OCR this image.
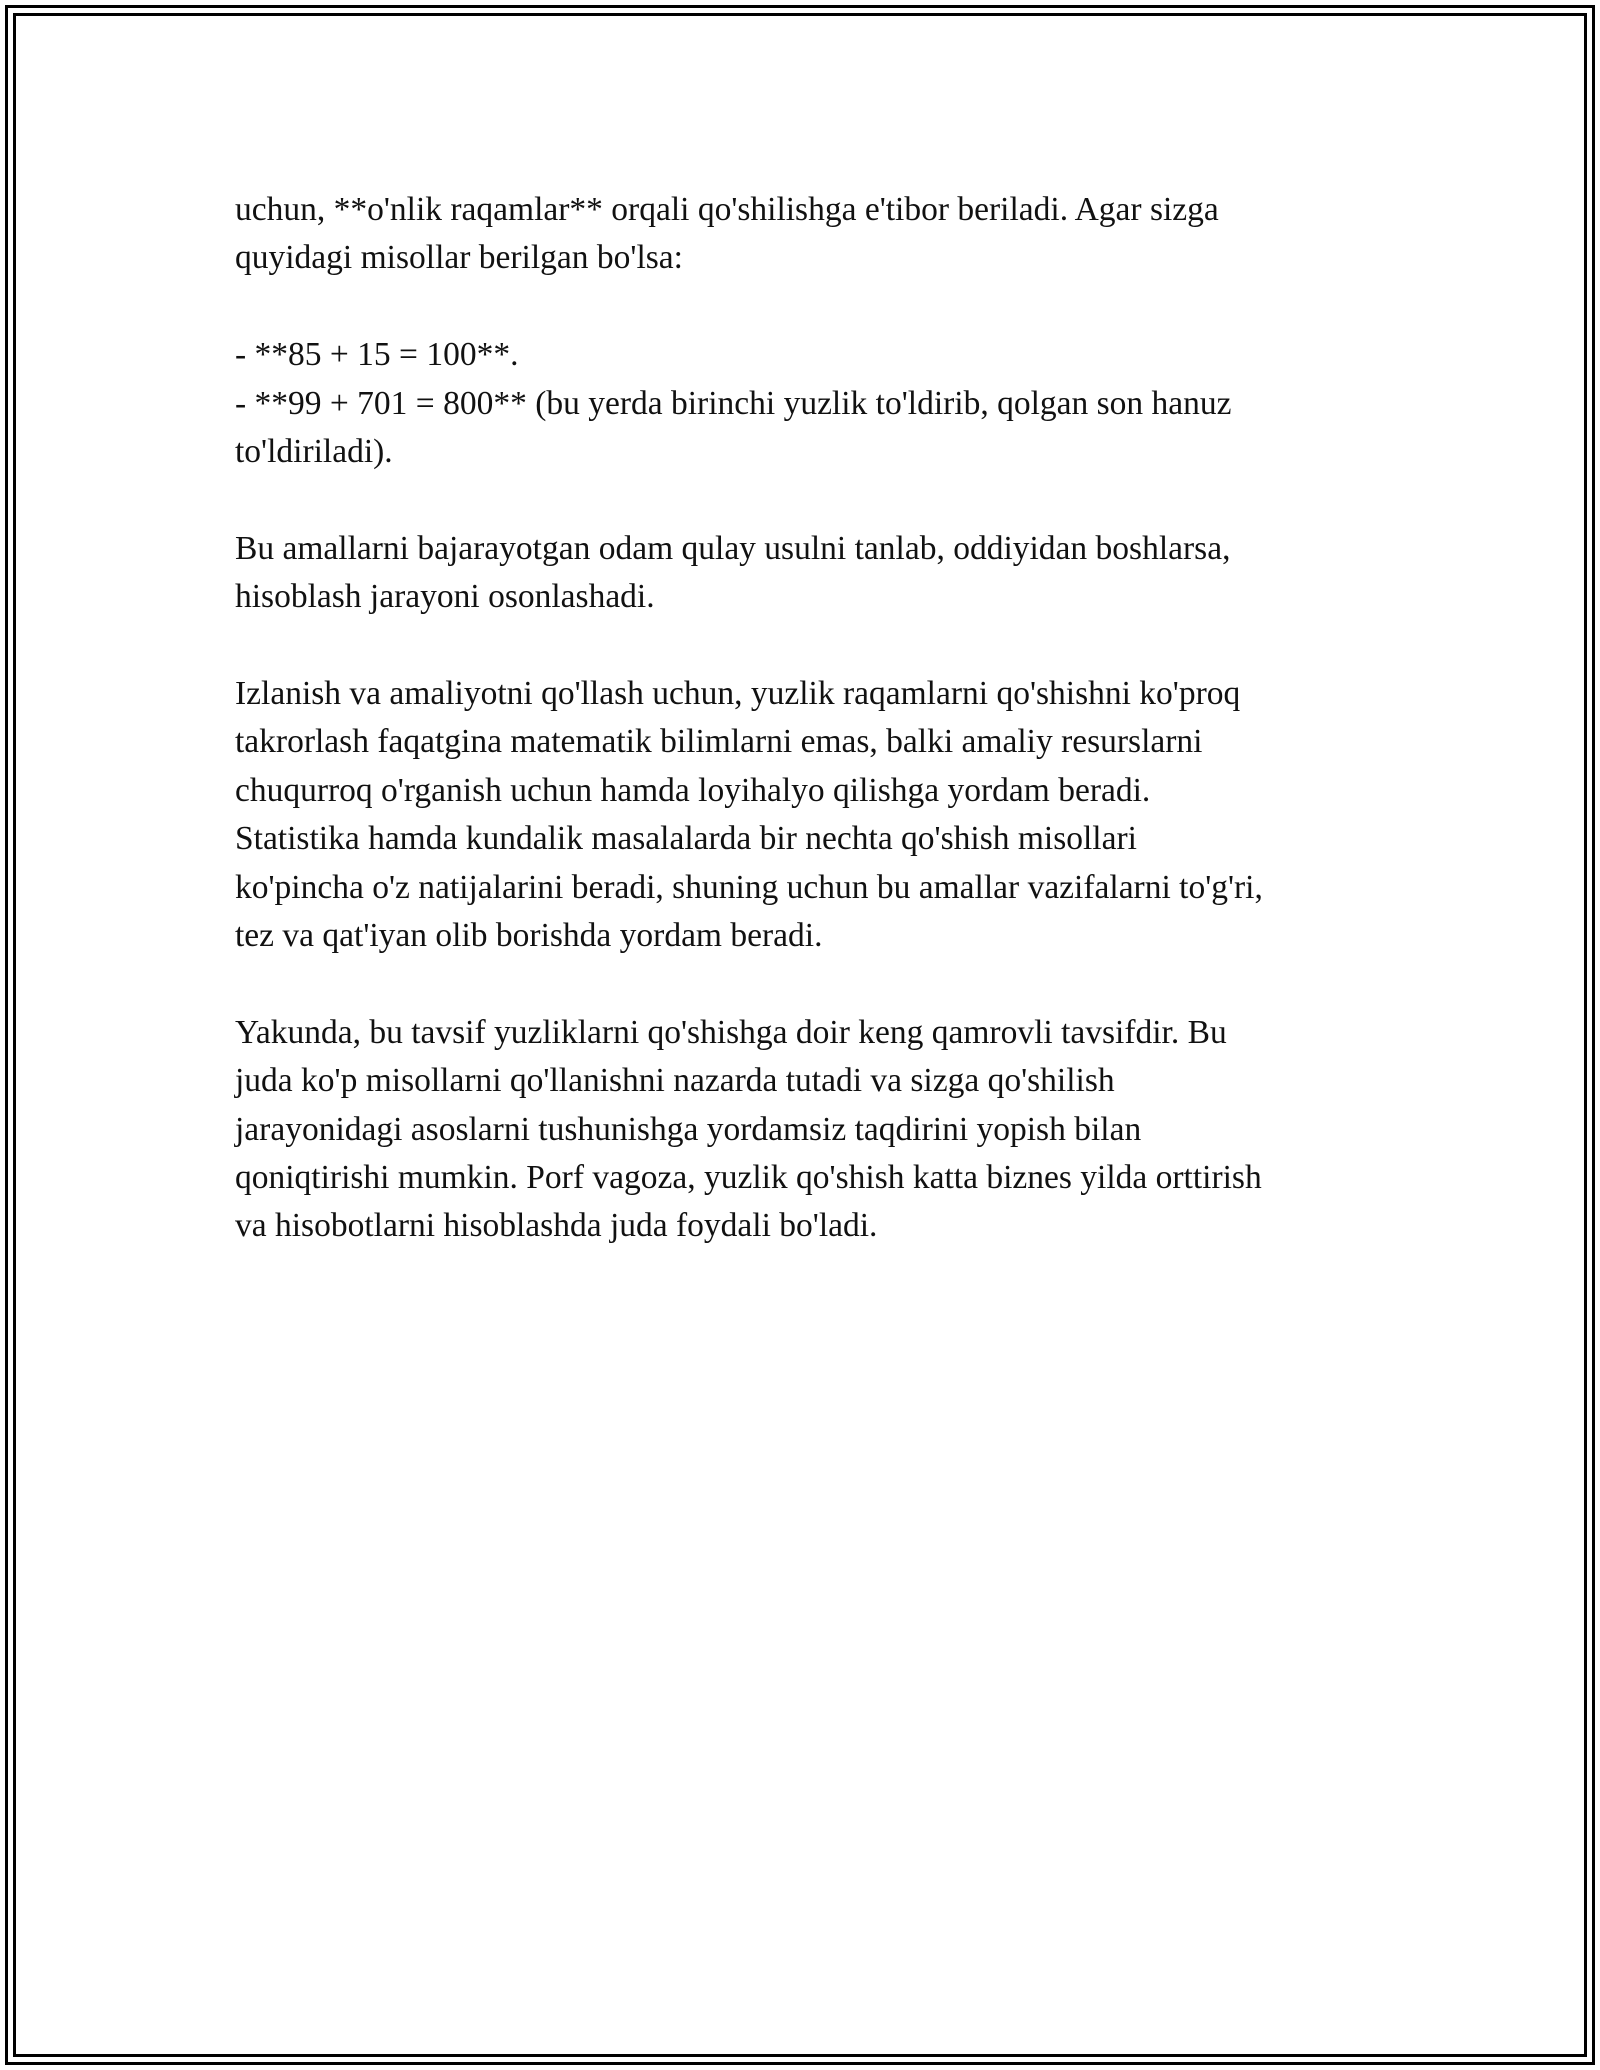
uchun, **o'nlik raqamlar** orqali qo'shilishga e'tibor beriladi. Agar sizga
quyidagi misollar berilgan bo'lsa:

- **85 + 15 = 100**.
- **99 + 701 = 800** (bu yerda birinchi yuzlik to'ldirib, qolgan son hanuz
to'ldiriladi).

Bu amallarni bajarayotgan odam qulay usulni tanlab, oddiyidan boshlarsa,
hisoblash jarayoni osonlashadi.

Izlanish va amaliyotni qo'llash uchun, yuzlik raqamlarni qo'shishni ko'proq
takrorlash faqatgina matematik bilimlarni emas, balki amaliy resurslarni
chuqurroq o'rganish uchun hamda loyihalyo qilishga yordam beradi.
Statistika hamda kundalik masalalarda bir nechta qo'shish misollari
ko'pincha o'z natijalarini beradi, shuning uchun bu amallar vazifalarni to'g'ri,
tez va qat'iyan olib borishda yordam beradi.

Yakunda, bu tavsif yuzliklarni qo'shishga doir keng qamrovli tavsifdir. Bu
juda ko'p misollarni qo'llanishni nazarda tutadi va sizga qo'shilish
jarayonidagi asoslarni tushunishga yordamsiz taqdirini yopish bilan
qoniqtirishi mumkin. Porf vagoza, yuzlik qo'shish katta biznes yilda orttirish
va hisobotlarni hisoblashda juda foydali bo'ladi.
